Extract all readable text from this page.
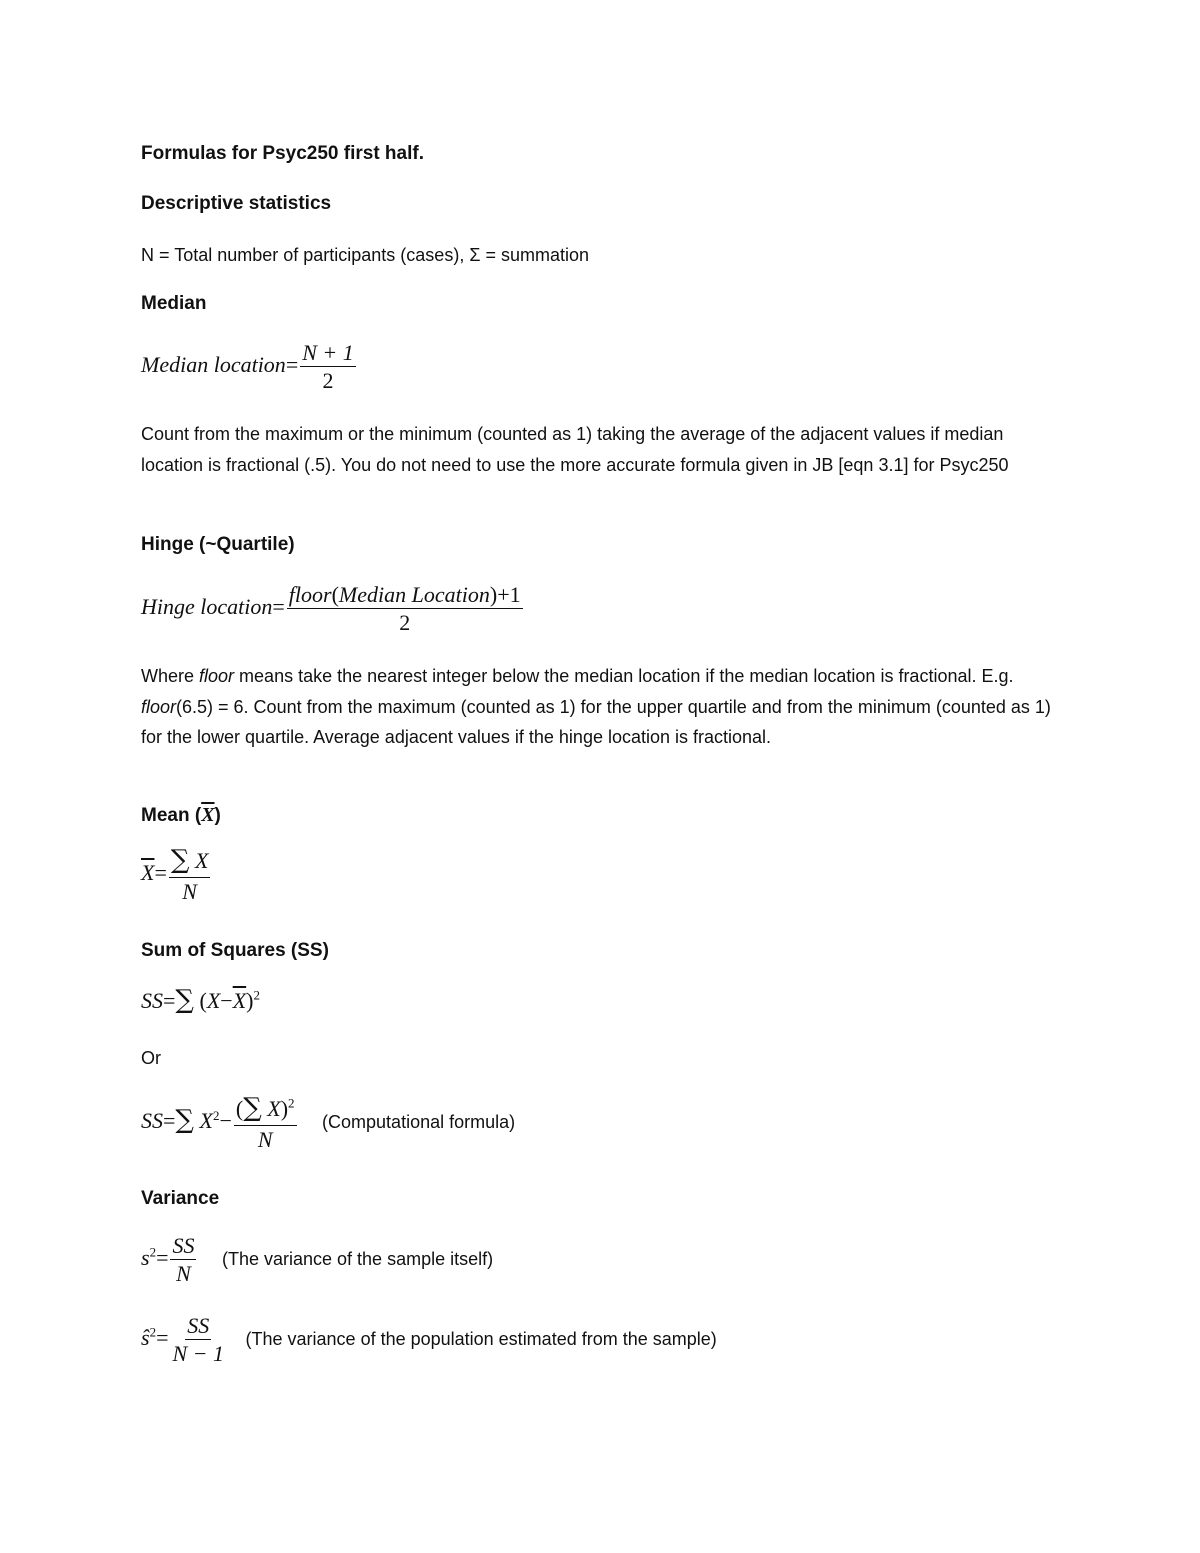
Formulas for Psyc250 first half.
Descriptive statistics
N = Total number of participants (cases), Σ = summation
Median
Median location= $\frac{N + 1}{2}$
Count from the maximum or the minimum (counted as 1) taking the average of the adjacent values if median location is fractional (.5). You do not need to use the more accurate formula given in JB [eqn 3.1] for Psyc250
Hinge (~Quartile)
Hinge location= $\frac{\text{floor(Median Location)+1}}{2}$
Where floor means take the nearest integer below the median location if the median location is fractional. E.g. floor(6.5) = 6. Count from the maximum (counted as 1) for the upper quartile and from the minimum (counted as 1) for the lower quartile. Average adjacent values if the hinge location is fractional.
Mean $(\overline{X})$
$\overline{X}= \frac{\sum X}{N}$
Sum of Squares (SS)
SS=∑ $(X-\overline{X})^2$
Or
SS=∑ $X^2- \frac{(\sum X)^2}{N}$ (Computational formula)
Variance
$s^2= \frac{SS}{N} (The$ variance of the sample itself)
$ŝ^2= \frac{SS}{N - 1} (The$ variance of the population estimated from the sample)
